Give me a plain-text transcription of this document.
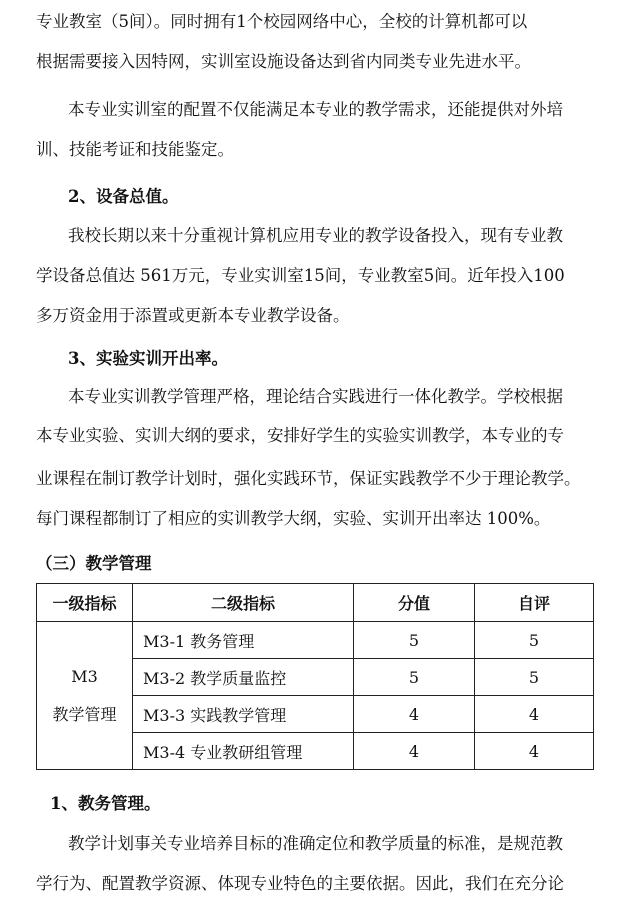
专业教室（5间）。同时拥有1个校园网络中心，全校的计算机都可以
根据需要接入因特网，实训室设施设备达到省内同类专业先进水平。
本专业实训室的配置不仅能满足本专业的教学需求，还能提供对外培
训、技能考证和技能鉴定。
2、设备总值。
我校长期以来十分重视计算机应用专业的教学设备投入，现有专业教
学设备总值达 561万元，专业实训室15间，专业教室5间。近年投入100
多万资金用于添置或更新本专业教学设备。
3、实验实训开出率。
本专业实训教学管理严格，理论结合实践进行一体化教学。学校根据
本专业实验、实训大纲的要求，安排好学生的实验实训教学，本专业的专
业课程在制订教学计划时，强化实践环节，保证实践教学不少于理论教学。
每门课程都制订了相应的实训教学大纲，实验、实训开出率达 100%。
（三）教学管理
一级指标	二级指标	分值	自评

M3
教学管理	M3-1 教务管理	5	5
	M3-2 教学质量监控	5	5
	M3-3 实践教学管理	4	4
	M3-4 专业教研组管理	4	4
1、教务管理。
教学计划事关专业培养目标的准确定位和教学质量的标准，是规范教
学行为、配置教学资源、体现专业特色的主要依据。因此，我们在充分论
